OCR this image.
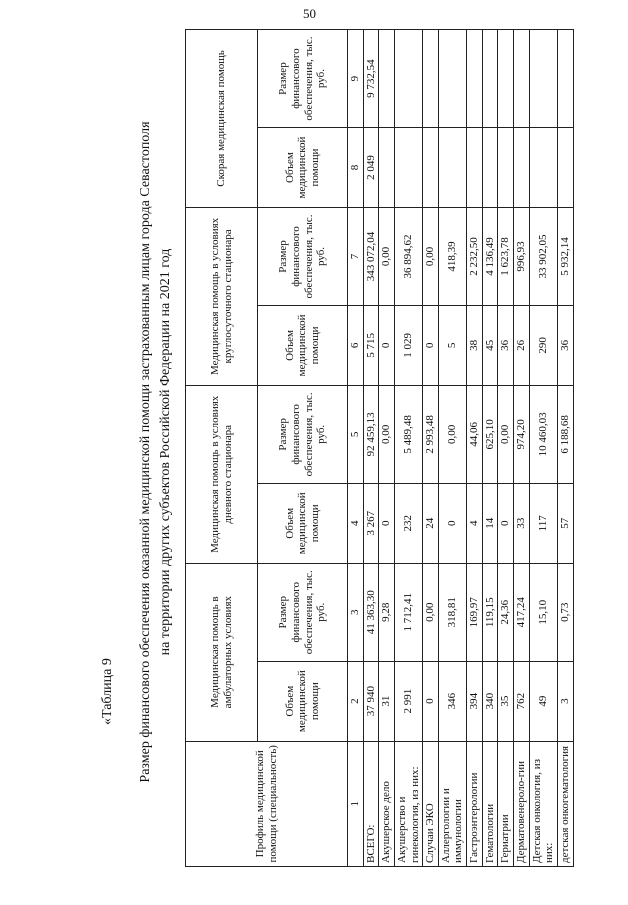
50
«Таблица 9 Размер финансового обеспечения оказанной медицинской помощи застрахованным лицам города Севастополя на территории других субъектов Российской Федерации на 2021 год
Профиль медицинской помощи (специальность)	Медицинская помощь в амбулаторных условиях		Медицинская помощь в условиях дневного стационара		Медицинская помощь в условиях круглосуточного стационара		Скорая медицинская помощь	
	Объем медицинской помощи	Размер финансового обеспечения, тыс. руб.	Объем медицинской помощи	Размер финансового обеспечения, тыс. руб.	Объем медицинской помощи	Размер финансового обеспечения, тыс. руб.	Объем медицинской помощи	Размер финансового обеспечения, тыс. руб.
1	2	3	4	5	6	7	8	9
ВСЕГО:	37 940	41 363,30	3 267	92 459,13	5 715	343 072,04	2 049	9 732,54
Акушерское дело	31	9,28	0	0,00	0	0,00		
Акушерство и гинекология, из них:	2 991	1 712,41	232	5 489,48	1 029	36 894,62		
Случаи ЭКО	0	0,00	24	2 993,48	0	0,00		
Аллергологии и иммунологии	346	318,81	0	0,00	5	418,39		
Гастроэнтерологии	394	169,97	4	44,06	38	2 232,50		
Гематологии	340	119,15	14	625,10	45	4 136,49		
Гериатрии	35	24,36	0	0,00	36	1 623,78		
Дерматовенероло-гии	762	417,24	33	974,20	26	996,93		
Детская онкология, из них:	49	15,10	117	10 460,03	290	33 902,05		
детская онкогематология	3	0,73	57	6 188,68	36	5 932,14		
